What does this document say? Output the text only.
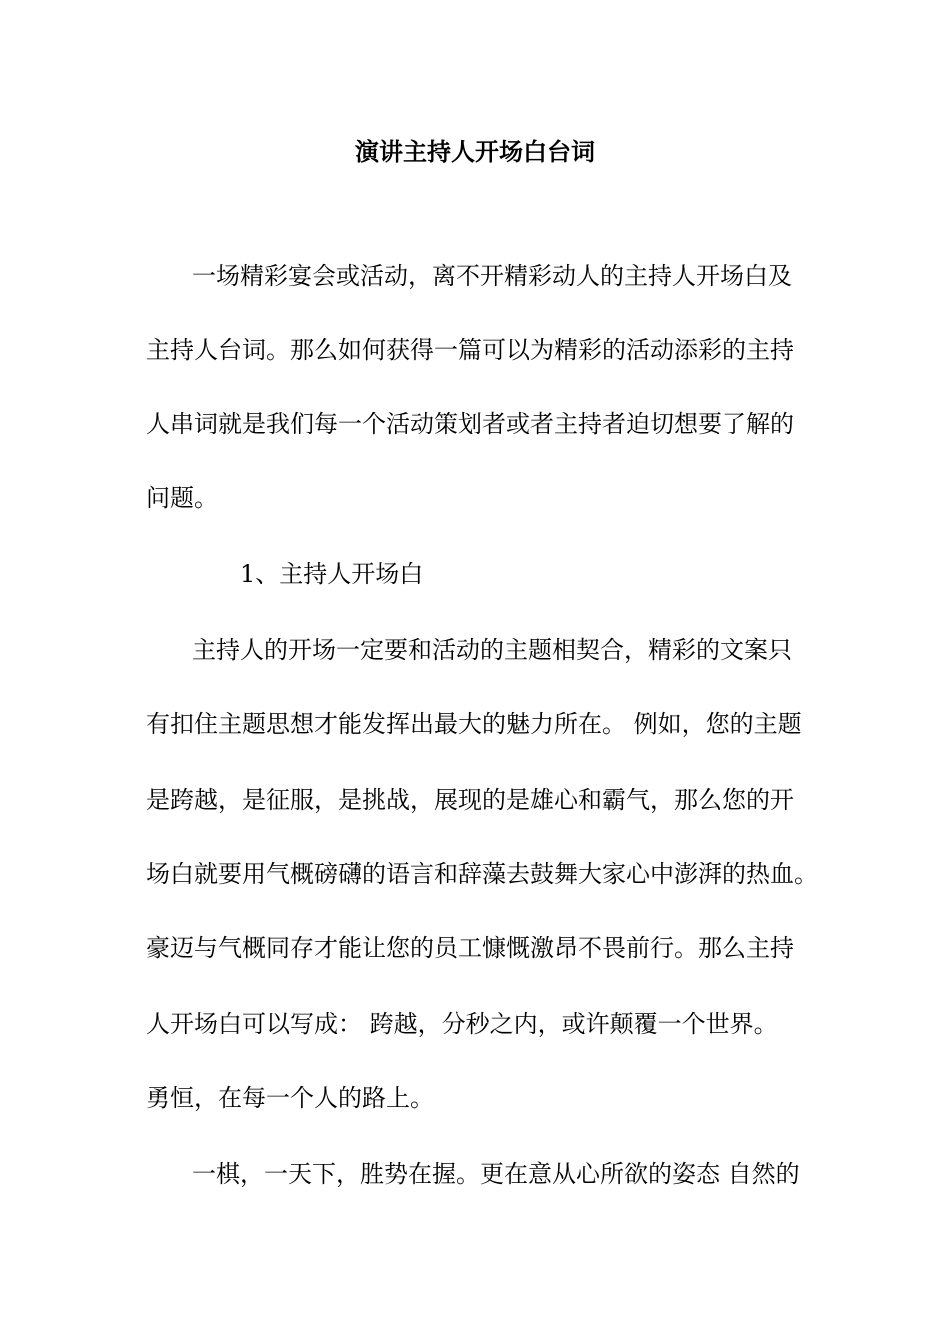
演讲主持人开场白台词
一场精彩宴会或活动，离不开精彩动人的主持人开场白及
主持人台词。那么如何获得一篇可以为精彩的活动添彩的主持
人串词就是我们每一个活动策划者或者主持者迫切想要了解的
问题。
1、主持人开场白
主持人的开场一定要和活动的主题相契合，精彩的文案只
有扣住主题思想才能发挥出最大的魅力所在。 例如，您的主题
是跨越，是征服，是挑战，展现的是雄心和霸气，那么您的开
场白就要用气概磅礴的语言和辞藻去鼓舞大家心中澎湃的热血。
豪迈与气概同存才能让您的员工慷慨激昂不畏前行。那么主持
人开场白可以写成： 跨越，分秒之内，或许颠覆一个世界。
勇恒，在每一个人的路上。
一棋，一天下，胜势在握。更在意从心所欲的姿态 自然的
